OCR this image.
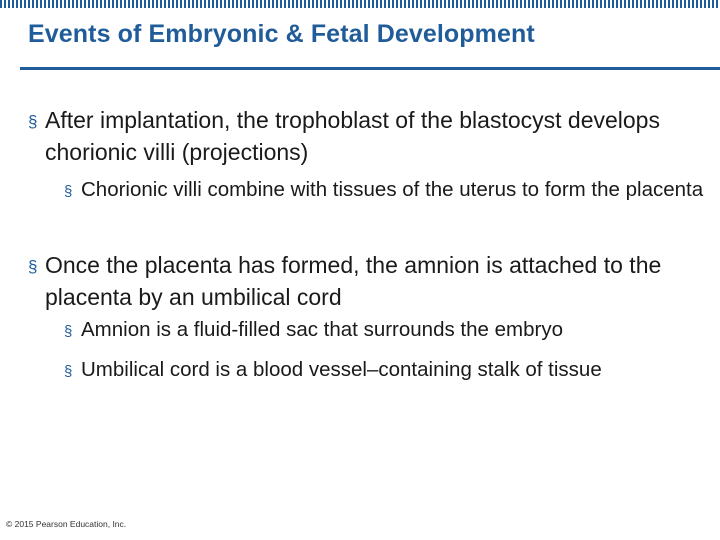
Events of Embryonic & Fetal Development
§ After implantation, the trophoblast of the blastocyst develops chorionic villi (projections)
§ Chorionic villi combine with tissues of the uterus to form the placenta
§ Once the placenta has formed, the amnion is attached to the placenta by an umbilical cord
§ Amnion is a fluid-filled sac that surrounds the embryo
§ Umbilical cord is a blood vessel–containing stalk of tissue
© 2015 Pearson Education, Inc.
